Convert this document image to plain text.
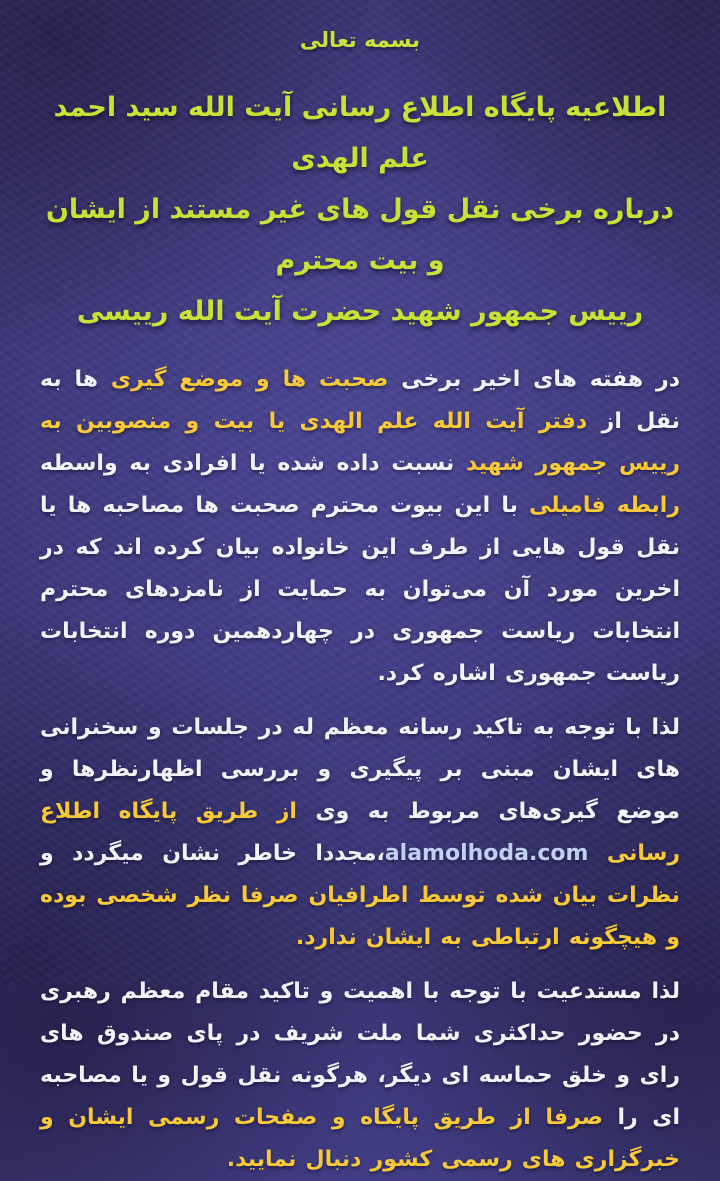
بسمه تعالی
اطلاعیه پایگاه اطلاع رسانی آیت الله سید احمد علم الهدی
درباره برخی نقل قول های غیر مستند از ایشان و بیت محترم
رییس جمهور شهید حضرت آیت الله رییسی

در هفته های اخیر برخی صحبت ها و موضع گیری ها به نقل از دفتر آیت الله علم الهدی یا بیت و منصوبین به رییس جمهور شهید نسبت داده شده یا افرادی به واسطه رابطه فامیلی با این بیوت محترم صحبت ها مصاحبه ها یا نقل قول هایی از طرف این خانواده بیان کرده اند که در اخرین مورد آن می‌توان به حمایت از نامزدهای محترم انتخابات ریاست جمهوری در چهاردهمین دوره انتخابات ریاست جمهوری اشاره کرد.

لذا با توجه به تاکید رسانه معظم له در جلسات و سخنرانی های ایشان مبنی بر پیگیری و بررسی اظهارنظرها و موضع گیری‌های مربوط به وی از طریق پایگاه اطلاع رسانی alamolhoda.com،مجددا خاطر نشان میگردد و نظرات بیان شده توسط اطرافیان صرفا نظر شخصی بوده و هیچگونه ارتباطی به ایشان ندارد.

لذا مستدعیت با توجه با اهمیت و تاکید مقام معظم رهبری در حضور حداکثری شما ملت شریف در پای صندوق های رای و خلق حماسه ای دیگر، هرگونه نقل قول و یا مصاحبه ای را صرفا از طریق پایگاه و صفحات رسمی ایشان و خبرگزاری های رسمی کشور دنبال نمایید.
